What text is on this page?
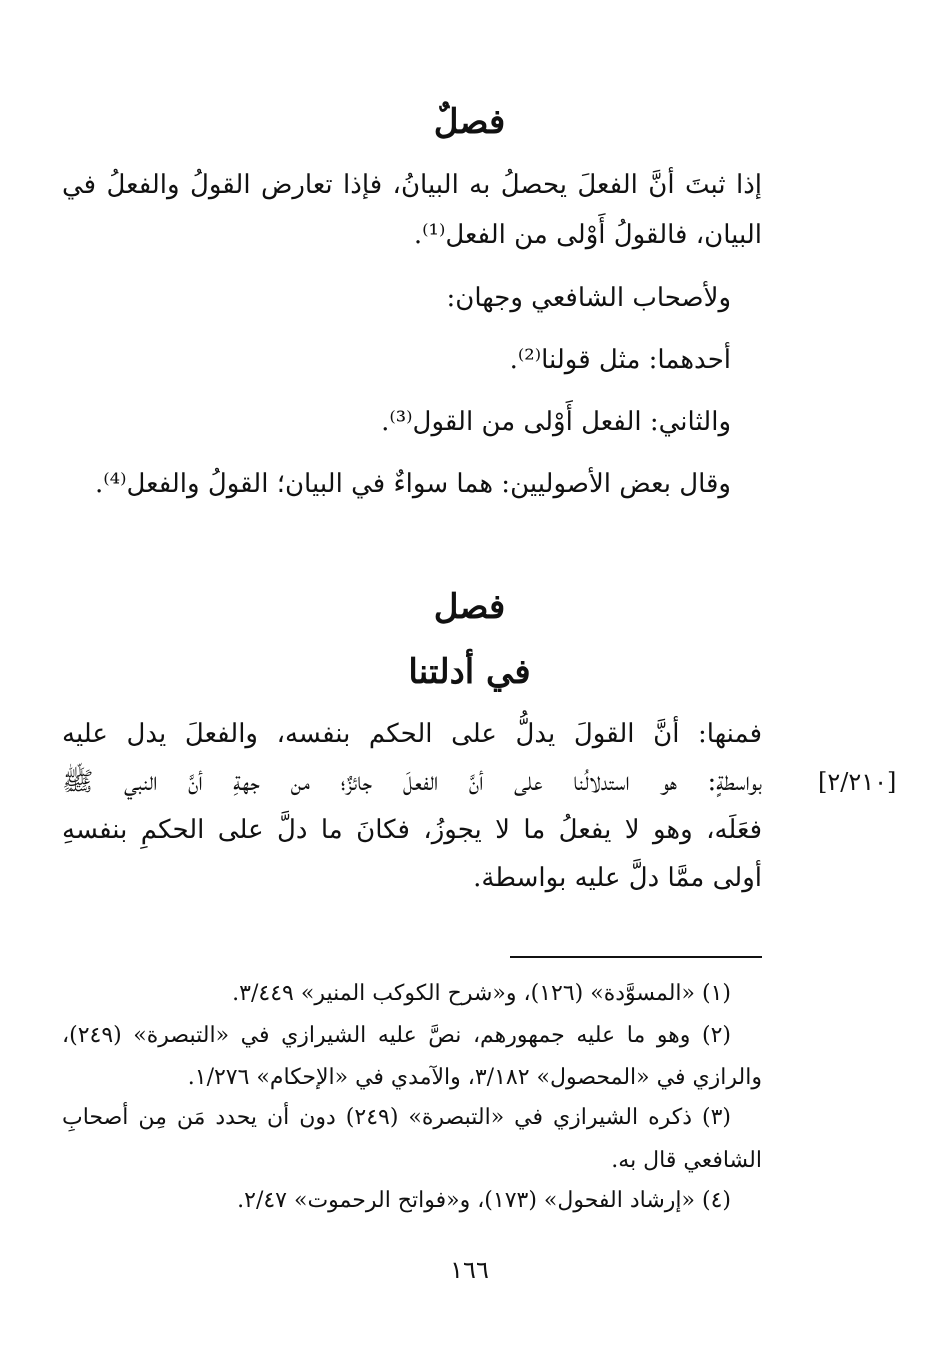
فصلٌ
إذا ثبتَ أنَّ الفعلَ يحصلُ به البيانُ، فإذا تعارض القولُ والفعلُ في
البيان، فالقولُ أَوْلى من الفعل⁽¹⁾.
ولأصحاب الشافعي وجهان:
أحدهما: مثل قولنا⁽²⁾.
والثاني: الفعل أَوْلى من القول⁽³⁾.
وقال بعض الأصوليين: هما سواءٌ في البيان؛ القولُ والفعل⁽⁴⁾.
فصل
في أدلتنا
فمنها: أنَّ القولَ يدلُّ على الحكم بنفسه، والفعلَ يدل عليه
بواسطةٍ: هو استدلالُنا على أنَّ الفعلَ جائزٌ؛ من جهةِ أنَّ النبي ﷺ
فعَلَه، وهو لا يفعلُ ما لا يجوزُ، فكانَ ما دلَّ على الحكمِ بنفسهِ
أولى ممَّا دلَّ عليه بواسطة.
[٢/٢١٠]
(١) «المسوَّدة» (١٢٦)، و«شرح الكوكب المنير» ٣/٤٤٩.
(٢) وهو ما عليه جمهورهم، نصَّ عليه الشيرازي في «التبصرة» (٢٤٩)،
والرازي في «المحصول» ٣/١٨٢، والآمدي في «الإحكام» ١/٢٧٦.
(٣) ذكره الشيرازي في «التبصرة» (٢٤٩) دون أن يحدد مَن مِن أصحابِ
الشافعي قال به.
(٤) «إرشاد الفحول» (١٧٣)، و«فواتح الرحموت» ٢/٤٧.
١٦٦
